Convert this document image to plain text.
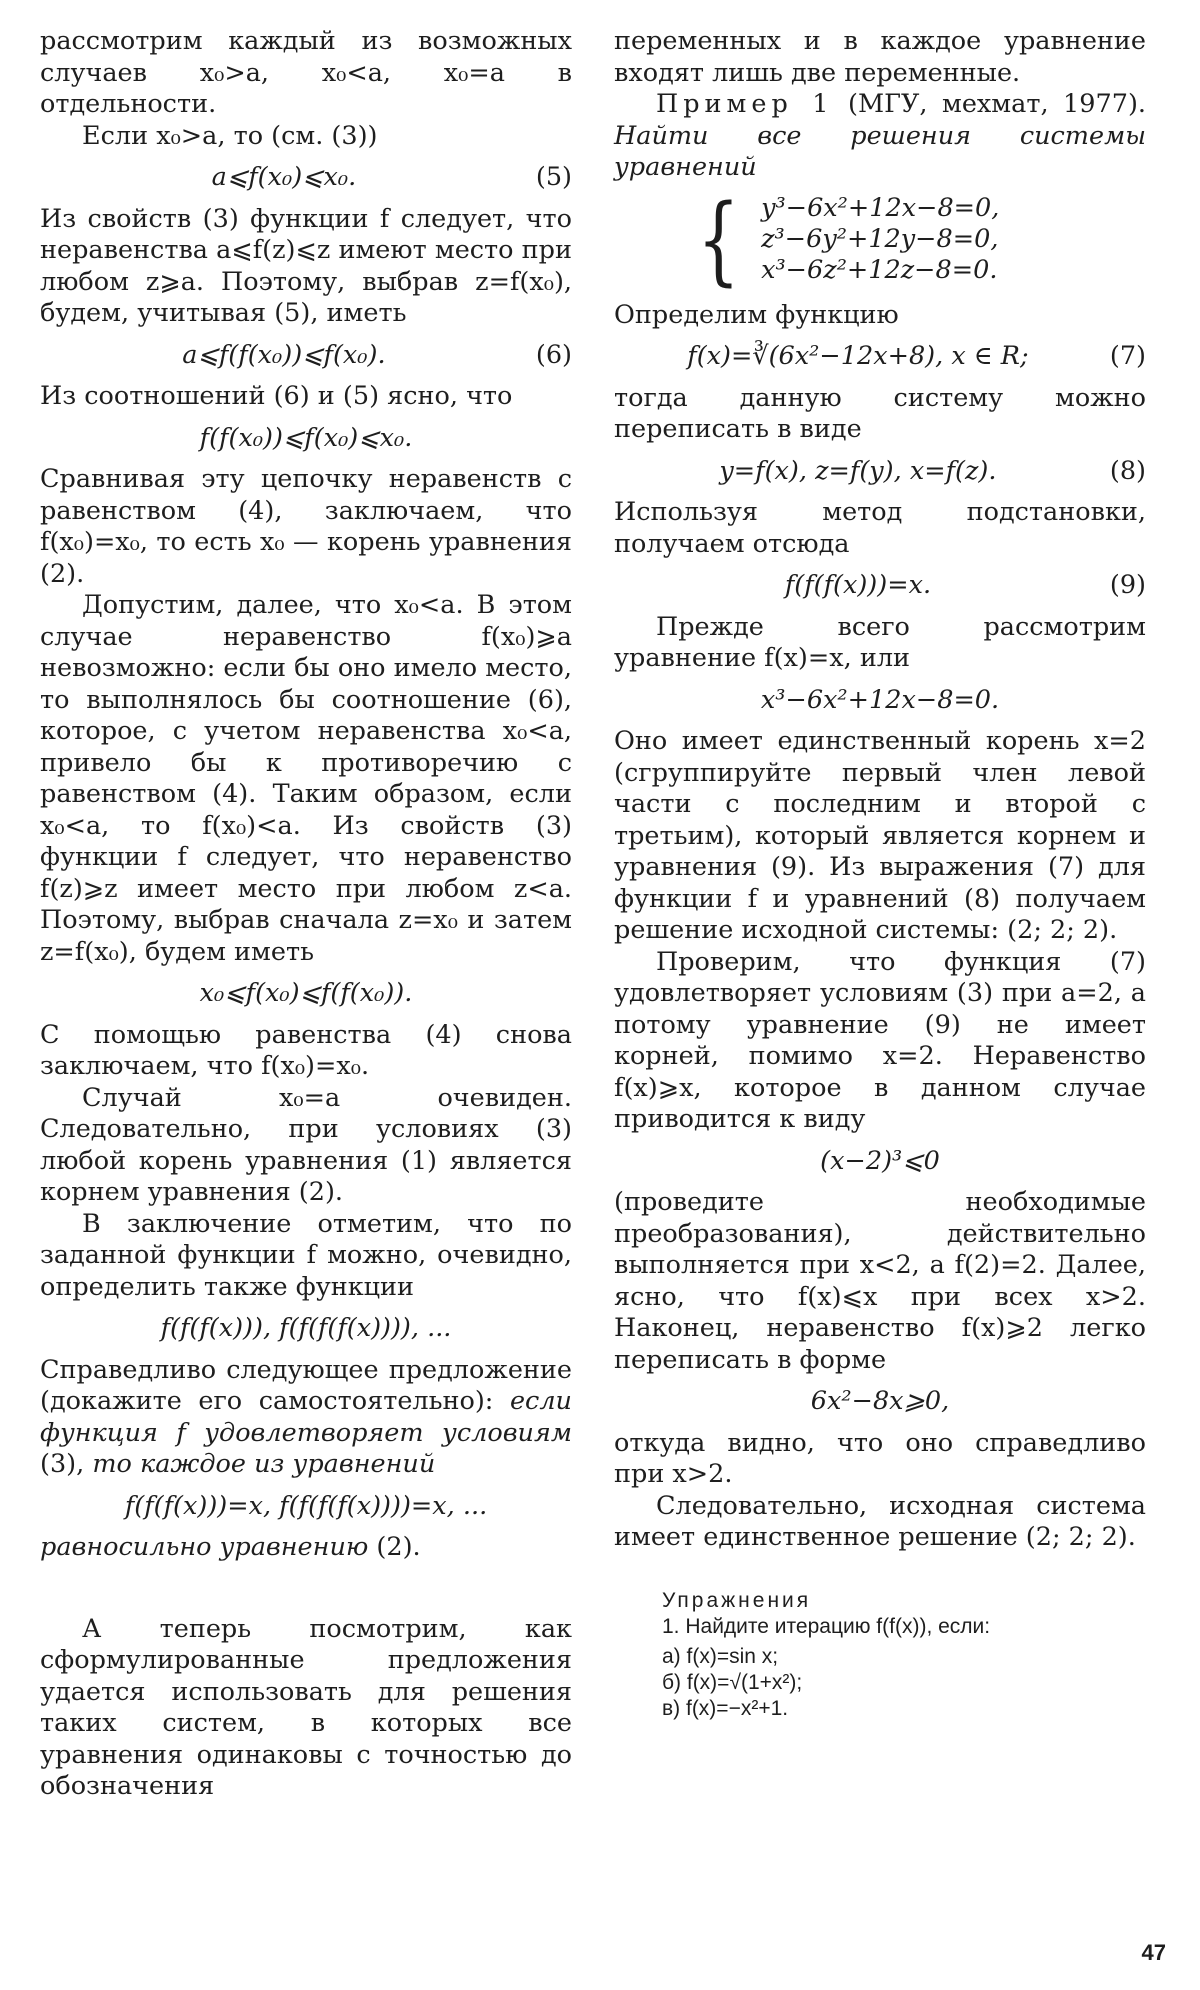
рассмотрим каждый из возможных случаев x₀>a, x₀<a, x₀=a в отдельности.

Если x₀>a, то (см. (3))

a⩽f(x₀)⩽x₀.	(5)

Из свойств (3) функции f следует, что неравенства a⩽f(z)⩽z имеют место при любом z⩾a. Поэтому, выбрав z=f(x₀), будем, учитывая (5), иметь

a⩽f(f(x₀))⩽f(x₀).	(6)

Из соотношений (6) и (5) ясно, что

f(f(x₀))⩽f(x₀)⩽x₀.

Сравнивая эту цепочку неравенств с равенством (4), заключаем, что f(x₀)=x₀, то есть x₀ — корень уравнения (2).

Допустим, далее, что x₀<a. В этом случае неравенство f(x₀)⩾a невозможно: если бы оно имело место, то выполнялось бы соотношение (6), которое, с учетом неравенства x₀<a, привело бы к противоречию с равенством (4). Таким образом, если x₀<a, то f(x₀)<a. Из свойств (3) функции f следует, что неравенство f(z)⩾z имеет место при любом z<a. Поэтому, выбрав сначала z=x₀ и затем z=f(x₀), будем иметь

x₀⩽f(x₀)⩽f(f(x₀)).

С помощью равенства (4) снова заключаем, что f(x₀)=x₀.

Случай x₀=a очевиден. Следовательно, при условиях (3) любой корень уравнения (1) является корнем уравнения (2).

В заключение отметим, что по заданной функции f можно, очевидно, определить также функции

f(f(f(x))), f(f(f(f(x)))), ...

Справедливо следующее предложение (докажите его самостоятельно): если функция f удовлетворяет условиям (3), то каждое из уравнений

f(f(f(x)))=x, f(f(f(f(x))))=x, ...

равносильно уравнению (2).

А теперь посмотрим, как сформулированные предложения удается использовать для решения таких систем, в которых все уравнения одинаковы с точностью до обозначения

переменных и в каждое уравнение входят лишь две переменные.

Пример 1 (МГУ, мехмат, 1977). Найти все решения системы уравнений

{ y³−6x²+12x−8=0,
z³−6y²+12y−8=0,
x³−6z²+12z−8=0.

Определим функцию

f(x)=∛(6x²−12x+8), x ∈ R;	(7)

тогда данную систему можно переписать в виде

y=f(x), z=f(y), x=f(z).	(8)

Используя метод подстановки, получаем отсюда

f(f(f(x)))=x.	(9)

Прежде всего рассмотрим уравнение f(x)=x, или

x³−6x²+12x−8=0.

Оно имеет единственный корень x=2 (сгруппируйте первый член левой части с последним и второй с третьим), который является корнем и уравнения (9). Из выражения (7) для функции f и уравнений (8) получаем решение исходной системы: (2; 2; 2).

Проверим, что функция (7) удовлетворяет условиям (3) при a=2, а потому уравнение (9) не имеет корней, помимо x=2. Неравенство f(x)⩾x, которое в данном случае приводится к виду

(x−2)³⩽0

(проведите необходимые преобразования), действительно выполняется при x<2, а f(2)=2. Далее, ясно, что f(x)⩽x при всех x>2. Наконец, неравенство f(x)⩾2 легко переписать в форме

6x²−8x⩾0,

откуда видно, что оно справедливо при x>2.

Следовательно, исходная система имеет единственное решение (2; 2; 2).

Упражнения
1. Найдите итерацию f(f(x)), если:
а) f(x)=sin x;
б) f(x)=√(1+x²);
в) f(x)=−x²+1.
47
